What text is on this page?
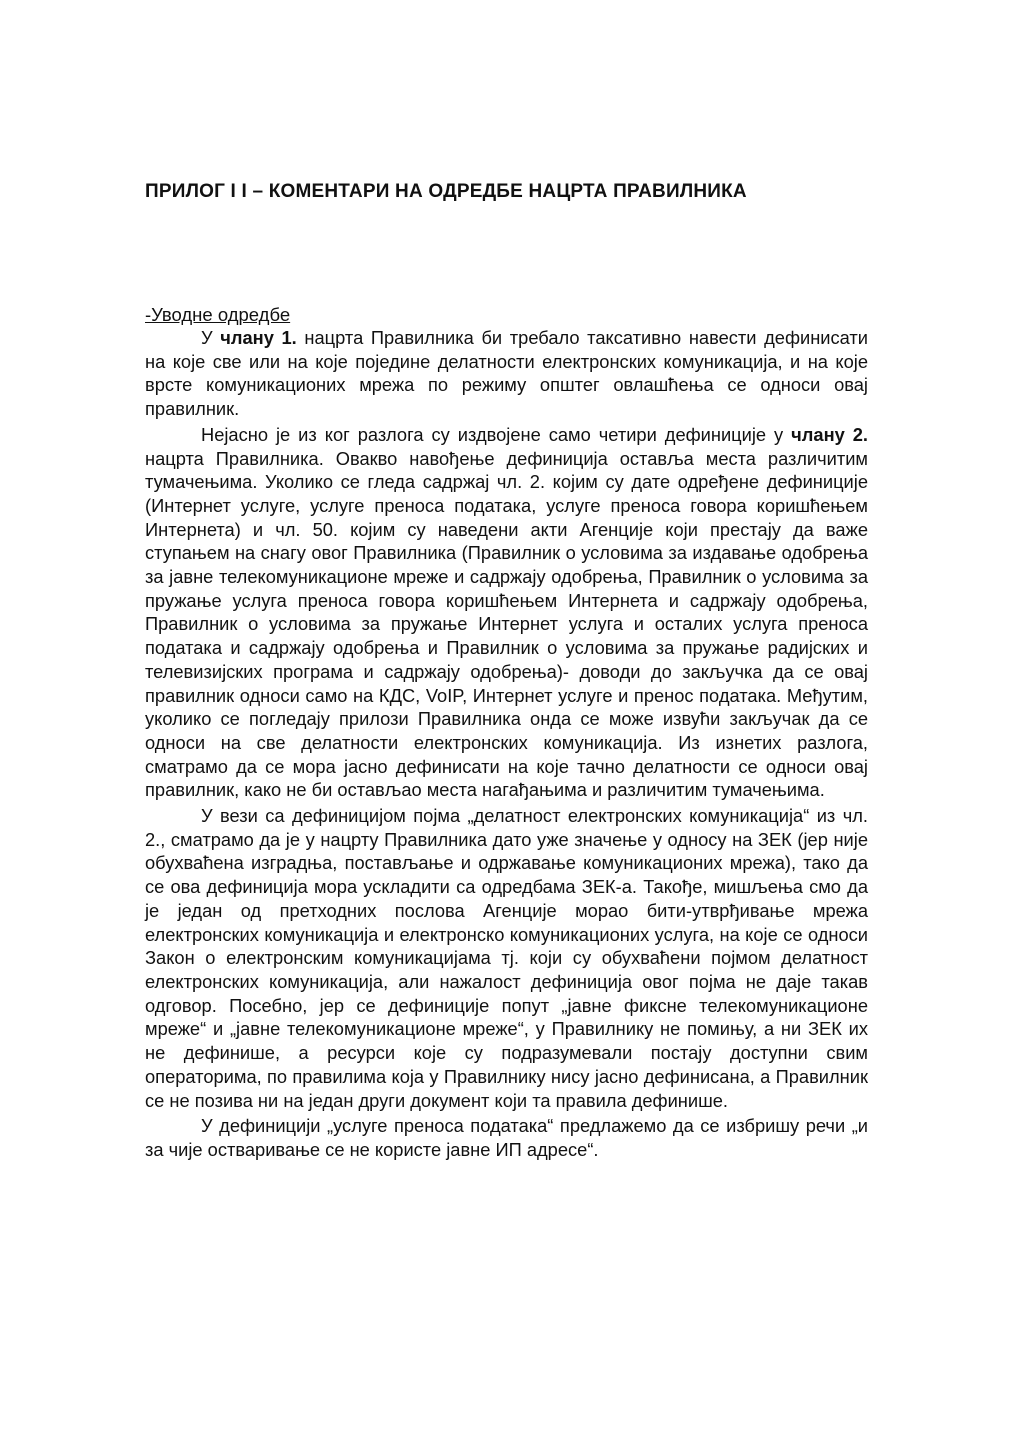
ПРИЛОГ I I – КОМЕНТАРИ НА ОДРЕДБЕ НАЦРТА ПРАВИЛНИКА
-Уводне одредбе

У члану 1. нацрта Правилника би требало таксативно навести дефинисати на које све или на које поједине делатности електронских комуникација, и на које врсте комуникационих мрежа по режиму општег овлашћења се односи овај правилник.

Нејасно је из ког разлога су издвојене само четири дефиниције у члану 2. нацрта Правилника. Овакво навођење дефиниција оставља места различитим тумачењима. Уколико се гледа садржај чл. 2. којим су дате одређене дефиниције (Интернет услуге, услуге преноса података, услуге преноса говора коришћењем Интернета) и чл. 50. којим су наведени акти Агенције који престају да важе ступањем на снагу овог Правилника (Правилник о условима за издавање одобрења за јавне телекомуникационе мреже и садржају одобрења, Правилник о условима за пружање услуга преноса говора коришћењем Интернета и садржају одобрења, Правилник о условима за пружање Интернет услуга и осталих услуга преноса података и садржају одобрења и Правилник о условима за пружање радијских и телевизијских програма и садржају одобрења)- доводи до закључка да се овај правилник односи само на КДС, VoIP, Интернет услуге и пренос података. Међутим, уколико се погледају прилози Правилника онда се може извући закључак да се односи на све делатности електронских комуникација. Из изнетих разлога, сматрамо да се мора јасно дефинисати на које тачно делатности се односи овај правилник, како не би остављао места нагађањима и различитим тумачењима.

У вези са дефиницијом појма „делатност електронских комуникација“ из чл. 2., сматрамо да је у нацрту Правилника дато уже значење у односу на ЗЕК (јер није обухваћена изградња, постављање и одржавање комуникационих мрежа), тако да се ова дефиниција мора ускладити са одредбама ЗЕК-а. Такође, мишљења смо да је један од претходних послова Агенције морао бити-утврђивање мрежа електронских комуникација и електронско комуникационих услуга, на које се односи Закон о електронским комуникацијама тј. који су обухваћени појмом делатност електронских комуникација, али нажалост дефиниција овог појма не даје такав одговор. Посебно, јер се дефиниције попут „јавне фиксне телекомуникационе мреже“ и „јавне телекомуникационе мреже“, у Правилнику не помињу, а ни ЗЕК их не дефинише, а ресурси које су подразумевали постају доступни свим операторима, по правилима која у Правилнику нису јасно дефинисана, а Правилник се не позива ни на један други документ који та правила дефинише.

У дефиницији „услуге преноса података“ предлажемо да се избришу речи „и за чије остваривање се не користе јавне ИП адресе“.
